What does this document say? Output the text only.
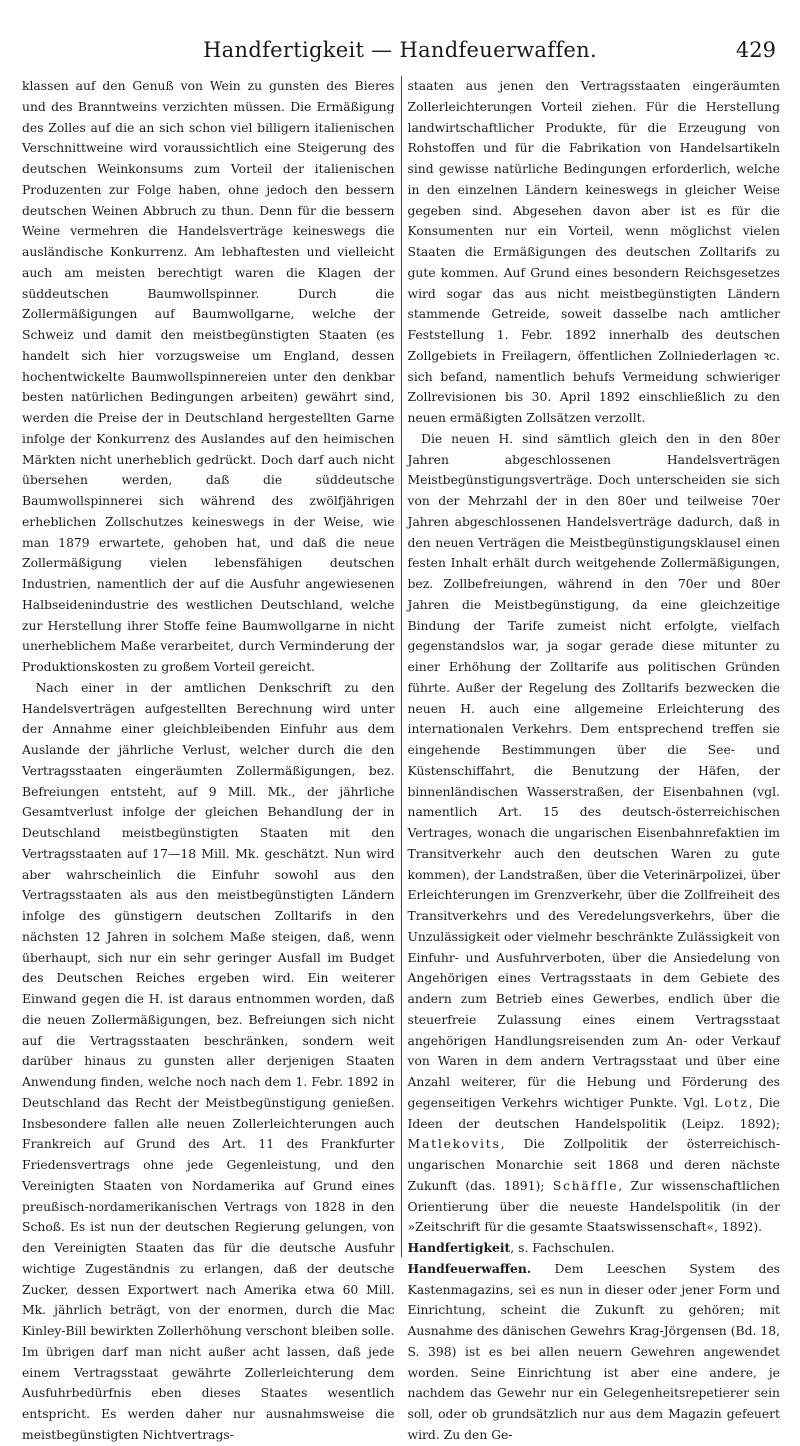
Handfertigkeit — Handfeuerwaffen.	429

klassen auf den Genuß von Wein zu gunsten des Bieres und des Branntweins verzichten müssen. Die Ermäßigung des Zolles auf die an sich schon viel billigern italienischen Verschnittweine wird voraussichtlich eine Steigerung des deutschen Weinkonsums zum Vorteil der italienischen Produzenten zur Folge haben, ohne jedoch den bessern deutschen Weinen Abbruch zu thun. Denn für die bessern Weine vermehren die Handelsverträge keineswegs die ausländische Konkurrenz. Am lebhaftesten und vielleicht auch am meisten berechtigt waren die Klagen der süddeutschen Baumwollspinner. Durch die Zollermäßigungen auf Baumwollgarne, welche der Schweiz und damit den meistbegünstigten Staaten (es handelt sich hier vorzugsweise um England, dessen hochentwickelte Baumwollspinnereien unter den denkbar besten natürlichen Bedingungen arbeiten) gewährt sind, werden die Preise der in Deutschland hergestellten Garne infolge der Konkurrenz des Auslandes auf den heimischen Märkten nicht unerheblich gedrückt. Doch darf auch nicht übersehen werden, daß die süddeutsche Baumwollspinnerei sich während des zwölfjährigen erheblichen Zollschutzes keineswegs in der Weise, wie man 1879 erwartete, gehoben hat, und daß die neue Zollermäßigung vielen lebensfähigen deutschen Industrien, namentlich der auf die Ausfuhr angewiesenen Halbseidenindustrie des westlichen Deutschland, welche zur Herstellung ihrer Stoffe feine Baumwollgarne in nicht unerheblichem Maße verarbeitet, durch Verminderung der Produktionskosten zu großem Vorteil gereicht.

Nach einer in der amtlichen Denkschrift zu den Handelsverträgen aufgestellten Berechnung wird unter der Annahme einer gleichbleibenden Einfuhr aus dem Auslande der jährliche Verlust, welcher durch die den Vertragsstaaten eingeräumten Zollermäßigungen, bez. Befreiungen entsteht, auf 9 Mill. Mk., der jährliche Gesamtverlust infolge der gleichen Behandlung der in Deutschland meistbegünstigten Staaten mit den Vertragsstaaten auf 17—18 Mill. Mk. geschätzt. Nun wird aber wahrscheinlich die Einfuhr sowohl aus den Vertragsstaaten als aus den meistbegünstigten Ländern infolge des günstigern deutschen Zolltarifs in den nächsten 12 Jahren in solchem Maße steigen, daß, wenn überhaupt, sich nur ein sehr geringer Ausfall im Budget des Deutschen Reiches ergeben wird. Ein weiterer Einwand gegen die H. ist daraus entnommen worden, daß die neuen Zollermäßigungen, bez. Befreiungen sich nicht auf die Vertragsstaaten beschränken, sondern weit darüber hinaus zu gunsten aller derjenigen Staaten Anwendung finden, welche noch nach dem 1. Febr. 1892 in Deutschland das Recht der Meistbegünstigung genießen. Insbesondere fallen alle neuen Zollerleichterungen auch Frankreich auf Grund des Art. 11 des Frankfurter Friedensvertrags ohne jede Gegenleistung, und den Vereinigten Staaten von Nordamerika auf Grund eines preußisch-nordamerikanischen Vertrags von 1828 in den Schoß. Es ist nun der deutschen Regierung gelungen, von den Vereinigten Staaten das für die deutsche Ausfuhr wichtige Zugeständnis zu erlangen, daß der deutsche Zucker, dessen Exportwert nach Amerika etwa 60 Mill. Mk. jährlich beträgt, von der enormen, durch die Mac Kinley-Bill bewirkten Zollerhöhung verschont bleiben solle. Im übrigen darf man nicht außer acht lassen, daß jede einem Vertragsstaat gewährte Zollerleichterung dem Ausfuhrbedürfnis eben dieses Staates wesentlich entspricht. Es werden daher nur ausnahmsweise die meistbegünstigten Nichtvertrags-

staaten aus jenen den Vertragsstaaten eingeräumten Zollerleichterungen Vorteil ziehen. Für die Herstellung landwirtschaftlicher Produkte, für die Erzeugung von Rohstoffen und für die Fabrikation von Handelsartikeln sind gewisse natürliche Bedingungen erforderlich, welche in den einzelnen Ländern keineswegs in gleicher Weise gegeben sind. Abgesehen davon aber ist es für die Konsumenten nur ein Vorteil, wenn möglichst vielen Staaten die Ermäßigungen des deutschen Zolltarifs zu gute kommen. Auf Grund eines besondern Reichsgesetzes wird sogar das aus nicht meistbegünstigten Ländern stammende Getreide, soweit dasselbe nach amtlicher Feststellung 1. Febr. 1892 innerhalb des deutschen Zollgebiets in Freilagern, öffentlichen Zollniederlagen ꝛc. sich befand, namentlich behufs Vermeidung schwieriger Zollrevisionen bis 30. April 1892 einschließlich zu den neuen ermäßigten Zollsätzen verzollt.

Die neuen H. sind sämtlich gleich den in den 80er Jahren abgeschlossenen Handelsverträgen Meistbegünstigungsverträge. Doch unterscheiden sie sich von der Mehrzahl der in den 80er und teilweise 70er Jahren abgeschlossenen Handelsverträge dadurch, daß in den neuen Verträgen die Meistbegünstigungsklausel einen festen Inhalt erhält durch weitgehende Zollermäßigungen, bez. Zollbefreiungen, während in den 70er und 80er Jahren die Meistbegünstigung, da eine gleichzeitige Bindung der Tarife zumeist nicht erfolgte, vielfach gegenstandslos war, ja sogar gerade diese mitunter zu einer Erhöhung der Zolltarife aus politischen Gründen führte. Außer der Regelung des Zolltarifs bezwecken die neuen H. auch eine allgemeine Erleichterung des internationalen Verkehrs. Dem entsprechend treffen sie eingehende Bestimmungen über die See- und Küstenschiffahrt, die Benutzung der Häfen, der binnenländischen Wasserstraßen, der Eisenbahnen (vgl. namentlich Art. 15 des deutsch-österreichischen Vertrages, wonach die ungarischen Eisenbahnrefaktien im Transitverkehr auch den deutschen Waren zu gute kommen), der Landstraßen, über die Veterinärpolizei, über Erleichterungen im Grenzverkehr, über die Zollfreiheit des Transitverkehrs und des Veredelungsverkehrs, über die Unzulässigkeit oder vielmehr beschränkte Zulässigkeit von Einfuhr- und Ausfuhrverboten, über die Ansiedelung von Angehörigen eines Vertragsstaats in dem Gebiete des andern zum Betrieb eines Gewerbes, endlich über die steuerfreie Zulassung eines einem Vertragsstaat angehörigen Handlungsreisenden zum An- oder Verkauf von Waren in dem andern Vertragsstaat und über eine Anzahl weiterer, für die Hebung und Förderung des gegenseitigen Verkehrs wichtiger Punkte. Vgl. Lotz, Die Ideen der deutschen Handelspolitik (Leipz. 1892); Matlekovits, Die Zollpolitik der österreichisch-ungarischen Monarchie seit 1868 und deren nächste Zukunft (das. 1891); Schäffle, Zur wissenschaftlichen Orientierung über die neueste Handelspolitik (in der »Zeitschrift für die gesamte Staatswissenschaft«, 1892).

Handfertigkeit, s. Fachschulen.

Handfeuerwaffen. Dem Leeschen System des Kastenmagazins, sei es nun in dieser oder jener Form und Einrichtung, scheint die Zukunft zu gehören; mit Ausnahme des dänischen Gewehrs Krag-Jörgensen (Bd. 18, S. 398) ist es bei allen neuern Gewehren angewendet worden. Seine Einrichtung ist aber eine andere, je nachdem das Gewehr nur ein Gelegenheitsrepetierer sein soll, oder ob grundsätzlich nur aus dem Magazin gefeuert wird. Zu den Ge-
